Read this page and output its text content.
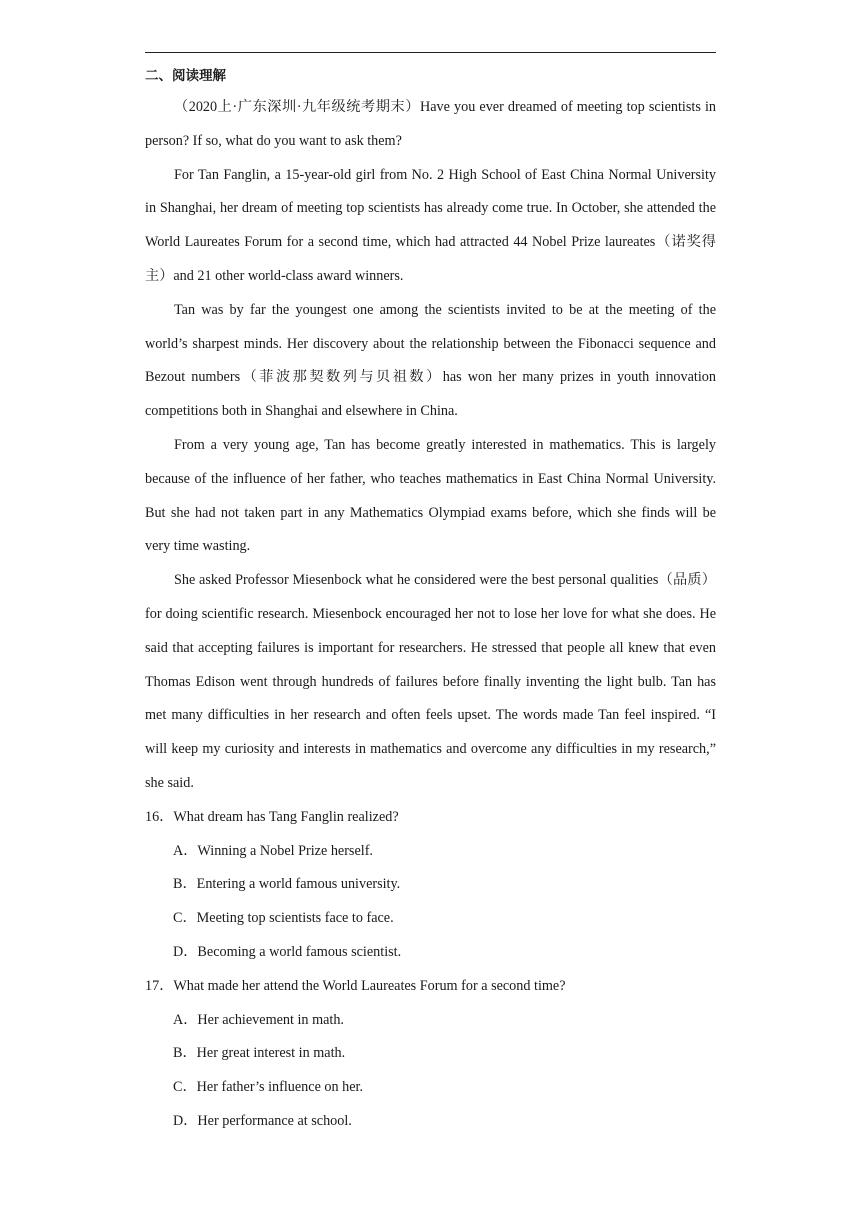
二、阅读理解

（2020上·广东深圳·九年级统考期末）Have you ever dreamed of meeting top scientists in person? If so, what do you want to ask them?

For Tan Fanglin, a 15-year-old girl from No. 2 High School of East China Normal University in Shanghai, her dream of meeting top scientists has already come true. In October, she attended the World Laureates Forum for a second time, which had attracted 44 Nobel Prize laureates（诺奖得主）and 21 other world-class award winners.

Tan was by far the youngest one among the scientists invited to be at the meeting of the world’s sharpest minds. Her discovery about the relationship between the Fibonacci sequence and Bezout numbers（菲波那契数列与贝祖数）has won her many prizes in youth innovation competitions both in Shanghai and elsewhere in China.

From a very young age, Tan has become greatly interested in mathematics. This is largely because of the influence of her father, who teaches mathematics in East China Normal University. But she had not taken part in any Mathematics Olympiad exams before, which she finds will be very time wasting.

She asked Professor Miesenbock what he considered were the best personal qualities（品质）for doing scientific research. Miesenbock encouraged her not to lose her love for what she does. He said that accepting failures is important for researchers. He stressed that people all knew that even Thomas Edison went through hundreds of failures before finally inventing the light bulb. Tan has met many difficulties in her research and often feels upset. The words made Tan feel inspired. “I will keep my curiosity and interests in mathematics and overcome any difficulties in my research,” she said.

16．What dream has Tang Fanglin realized?

A．Winning a Nobel Prize herself.

B．Entering a world famous university.

C．Meeting top scientists face to face.

D．Becoming a world famous scientist.

17．What made her attend the World Laureates Forum for a second time?

A．Her achievement in math.

B．Her great interest in math.

C．Her father’s influence on her.

D．Her performance at school.
